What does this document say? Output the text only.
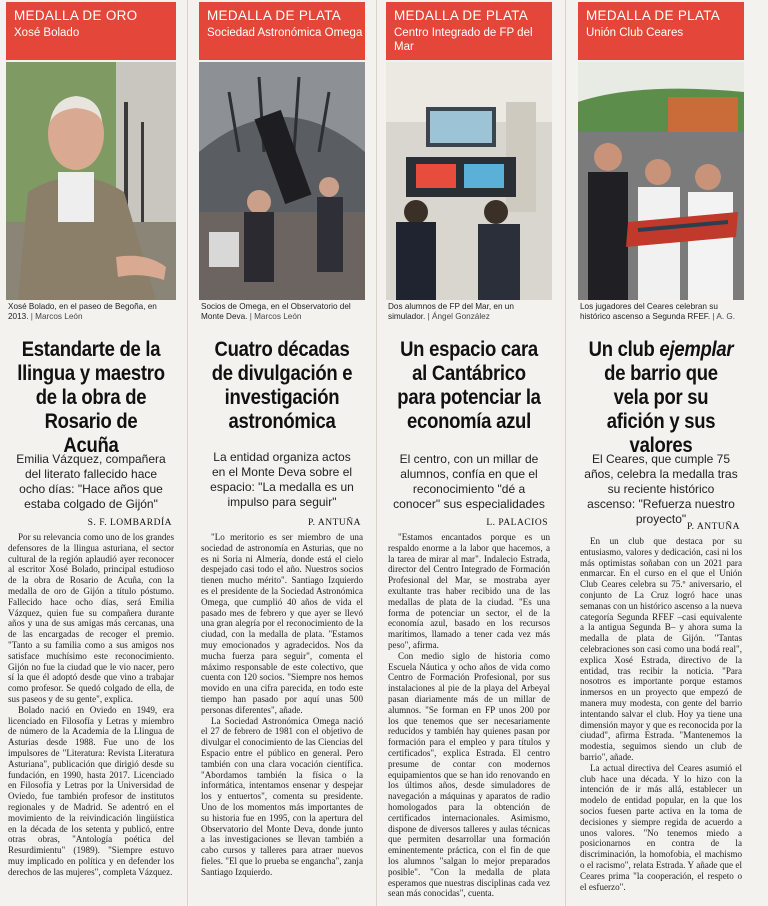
MEDALLA DE ORO
Xosé Bolado
Xosé Bolado, en el paseo de Begoña, en 2013. | Marcos León
Estandarte de la llingua y maestro de la obra de Rosario de Acuña
Emilia Vázquez, compañera del literato fallecido hace ocho días: "Hace años que estaba colgado de Gijón"
S. F. LOMBARDÍA

Por su relevancia como uno de los grandes defensores de la llingua asturiana, el sector cultural de la región aplaudió ayer reconocer al escritor Xosé Bolado, principal estudioso de la obra de Rosario de Acuña, con la medalla de oro de Gijón a título póstumo. Fallecido hace ocho días, será Emilia Vázquez, quien fue su compañera durante años y una de sus amigas más cercanas, una de las encargadas de recoger el premio. "Tanto a su familia como a sus amigos nos satisface muchísimo este reconocimiento. Gijón no fue la ciudad que le vio nacer, pero sí la que él adoptó desde que vino a trabajar como profesor. Se quedó colgado de ella, de sus paseos y de su gente", explica.

Bolado nació en Oviedo en 1949, era licenciado en Filosofía y Letras y miembro de número de la Academia de la Llingua de Asturias desde 1988. Fue uno de los impulsores de "Literatura: Revista Literatura Asturiana", publicación que dirigió desde su fundación, en 1990, hasta 2017. Licenciado en Filosofía y Letras por la Universidad de Oviedo, fue también profesor de institutos regionales y de Madrid. Se adentró en el movimiento de la reivindicación lingüística en la década de los setenta y publicó, entre otras obras, "Antología poética del Resurdimientu" (1989). "Siempre estuvo muy implicado en política y en defender los derechos de las mujeres", completa Vázquez.

MEDALLA DE PLATA
Sociedad Astronómica Omega
Socios de Omega, en el Observatorio del Monte Deva. | Marcos León
Cuatro décadas de divulgación e investigación astronómica
La entidad organiza actos en el Monte Deva sobre el espacio: "La medalla es un impulso para seguir"
P. ANTUÑA

"Lo meritorio es ser miembro de una sociedad de astronomía en Asturias, que no es ni Soria ni Almería, donde está el cielo despejado casi todo el año. Nuestros socios tienen mucho mérito". Santiago Izquierdo es el presidente de la Sociedad Astronómica Omega, que cumplió 40 años de vida el pasado mes de febrero y que ayer se llevó una gran alegría por el reconocimiento de la ciudad, con la medalla de plata. "Estamos muy emocionados y agradecidos. Nos da mucha fuerza para seguir", comenta el máximo responsable de este colectivo, que cuenta con 120 socios. "Siempre nos hemos movido en una cifra parecida, en todo este tiempo han pasado por aquí unas 500 personas diferentes", añade.

La Sociedad Astronómica Omega nació el 27 de febrero de 1981 con el objetivo de divulgar el conocimiento de las Ciencias del Espacio entre el público en general. Pero también con una clara vocación científica. "Abordamos también la física o la informática, intentamos ensenar y despejar los y entuertos", comenta su presidente. Uno de los momentos más importantes de su historia fue en 1995, con la apertura del Observatorio del Monte Deva, donde junto a las investigaciones se llevan también a cabo cursos y talleres para atraer nuevos fieles. "El que lo prueba se engancha", zanja Santiago Izquierdo.

MEDALLA DE PLATA
Centro Integrado de FP del Mar
Dos alumnos de FP del Mar, en un simulador. | Ángel González
Un espacio cara al Cantábrico para potenciar la economía azul
El centro, con un millar de alumnos, confía en que el reconocimiento "dé a conocer" sus especialidades
L. PALACIOS

"Estamos encantados porque es un respaldo enorme a la labor que hacemos, a la tarea de mirar al mar". Indalecio Estrada, director del Centro Integrado de Formación Profesional del Mar, se mostraba ayer exultante tras haber recibido una de las medallas de plata de la ciudad. "Es una forma de potenciar un sector, el de la economía azul, basado en los recursos marítimos, llamado a tener cada vez más peso", afirma.

Con medio siglo de historia como Escuela Náutica y ocho años de vida como Centro de Formación Profesional, por sus instalaciones al pie de la playa del Arbeyal pasan diariamente más de un millar de alumnos. "Se forman en FP unos 200 por los que tenemos que ser necesariamente reducidos y también hay quienes pasan por formación para el empleo y para títulos y certificados", explica Estrada. El centro presume de contar con modernos equipamientos que se han ido renovando en los últimos años, desde simuladores de navegación a máquinas y aparatos de radio homologados para la obtención de certificados internacionales. Asimismo, dispone de diversos talleres y aulas técnicas que permiten desarrollar una formación eminentemente práctica, con el fin de que los alumnos "salgan lo mejor preparados posible". "Con la medalla de plata esperamos que nuestras disciplinas cada vez sean más conocidas", cuenta.

MEDALLA DE PLATA
Unión Club Ceares
Los jugadores del Ceares celebran su histórico ascenso a Segunda RFEF. | A. G.
Un club ejemplar de barrio que vela por su afición y sus valores
El Ceares, que cumple 75 años, celebra la medalla tras su reciente histórico ascenso: "Refuerza nuestro proyecto"
P. ANTUÑA

En un club que destaca por su entusiasmo, valores y dedicación, casi ni los más optimistas soñaban con un 2021 para enmarcar. En el curso en el que el Unión Club Ceares celebra su 75.º aniversario, el conjunto de La Cruz logró hace unas semanas con un histórico ascenso a la nueva categoría Segunda RFEF –casi equivalente a la antigua Segunda B– y ahora suma la medalla de plata de Gijón. "Tantas celebraciones son casi como una bodá real", explica Xosé Estrada, directivo de la entidad, tras recibir la noticia. "Para nosotros es importante porque estamos inmersos en un proyecto que empezó de manera muy modesta, con gente del barrio intentando salvar el club. Hoy ya tiene una dimensión mayor y que es reconocida por la ciudad", afirma Estrada. "Mantenemos la modestia, seguimos siendo un club de barrio", añade.

La actual directiva del Ceares asumió el club hace una década. Y lo hizo con la intención de ir más allá, establecer un modelo de entidad popular, en la que los socios fuesen parte activa en la toma de decisiones y siempre regida de acuerdo a unos valores. "No tenemos miedo a posicionarnos en contra de la discriminación, la homofobia, el machismo o el racismo", relata Estrada. Y añade que el Ceares prima "la cooperación, el respeto o el esfuerzo".
